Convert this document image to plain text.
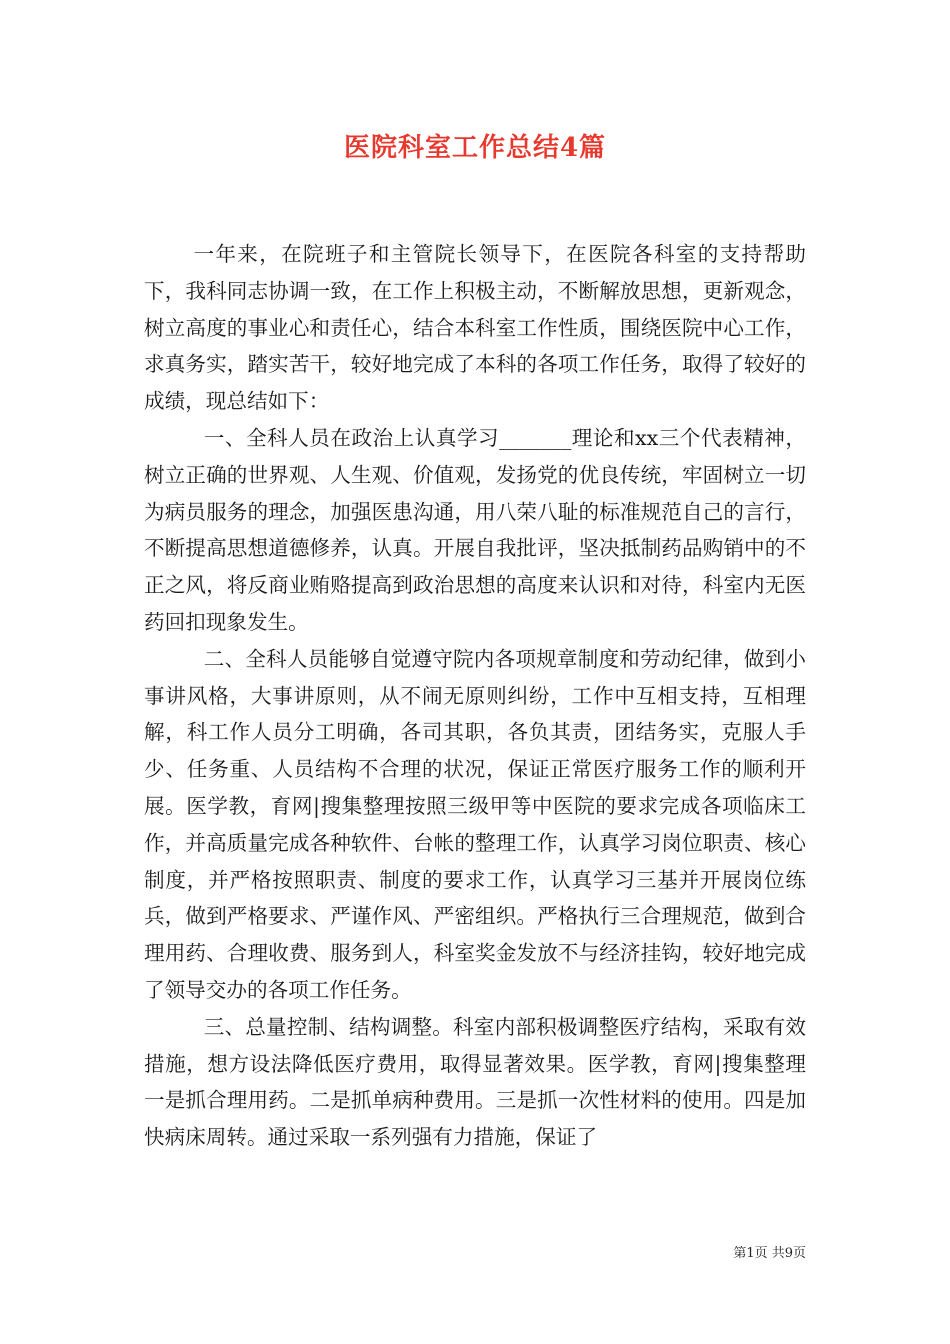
医院科室工作总结4篇

一年来，在院班子和主管院长领导下，在医院各科室的支持帮助下，我科同志协调一致，在工作上积极主动，不断解放思想，更新观念，树立高度的事业心和责任心，结合本科室工作性质，围绕医院中心工作，求真务实，踏实苦干，较好地完成了本科的各项工作任务，取得了较好的成绩，现总结如下：

一、全科人员在政治上认真学习_______理论和xx三个代表精神，树立正确的世界观、人生观、价值观，发扬党的优良传统，牢固树立一切为病员服务的理念，加强医患沟通，用八荣八耻的标准规范自己的言行，不断提高思想道德修养，认真。开展自我批评，坚决抵制药品购销中的不正之风，将反商业贿赂提高到政治思想的高度来认识和对待，科室内无医药回扣现象发生。

二、全科人员能够自觉遵守院内各项规章制度和劳动纪律，做到小事讲风格，大事讲原则，从不闹无原则纠纷，工作中互相支持，互相理解，科工作人员分工明确，各司其职，各负其责，团结务实，克服人手少、任务重、人员结构不合理的状况，保证正常医疗服务工作的顺利开展。医学教，育网|搜集整理按照三级甲等中医院的要求完成各项临床工作，并高质量完成各种软件、台帐的整理工作，认真学习岗位职责、核心制度，并严格按照职责、制度的要求工作，认真学习三基并开展岗位练兵，做到严格要求、严谨作风、严密组织。严格执行三合理规范，做到合理用药、合理收费、服务到人，科室奖金发放不与经济挂钩，较好地完成了领导交办的各项工作任务。

三、总量控制、结构调整。科室内部积极调整医疗结构，采取有效措施，想方设法降低医疗费用，取得显著效果。医学教，育网|搜集整理一是抓合理用药。二是抓单病种费用。三是抓一次性材料的使用。四是加快病床周转。通过采取一系列强有力措施，保证了

第1页 共9页
